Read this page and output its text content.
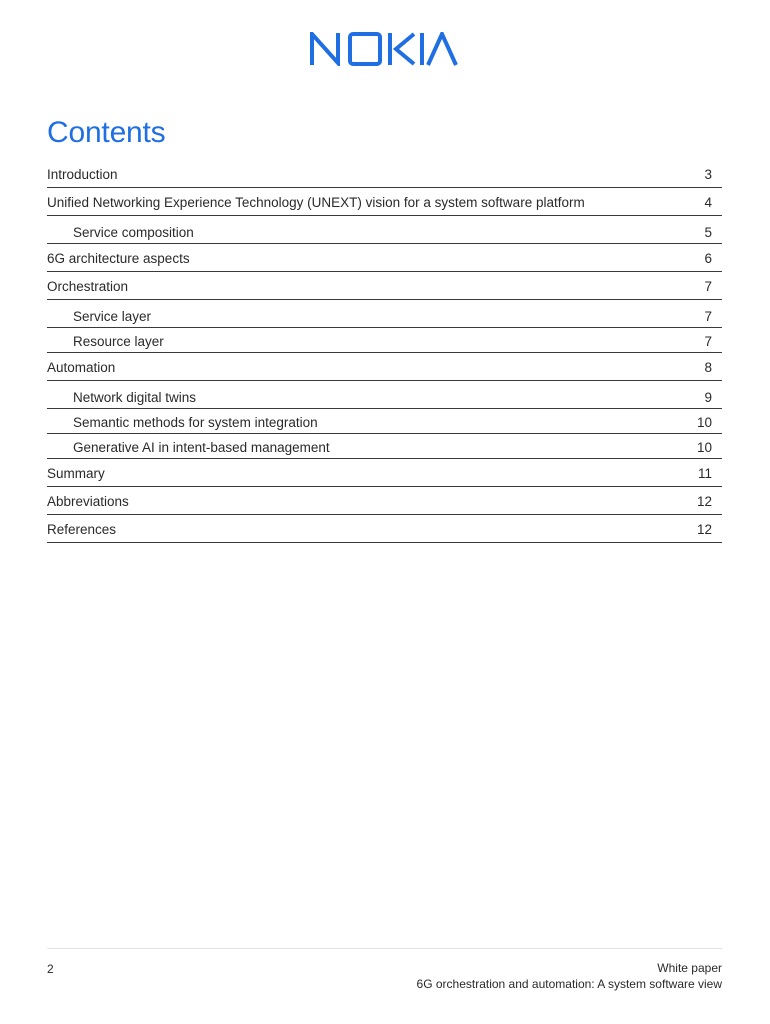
Contents
Introduction	3
Unified Networking Experience Technology (UNEXT) vision for a system software platform	4
Service composition	5
6G architecture aspects	6
Orchestration	7
Service layer	7
Resource layer	7
Automation	8
Network digital twins	9
Semantic methods for system integration	10
Generative AI in intent-based management	10
Summary	11
Abbreviations	12
References	12
2	White paper
6G orchestration and automation: A system software view
